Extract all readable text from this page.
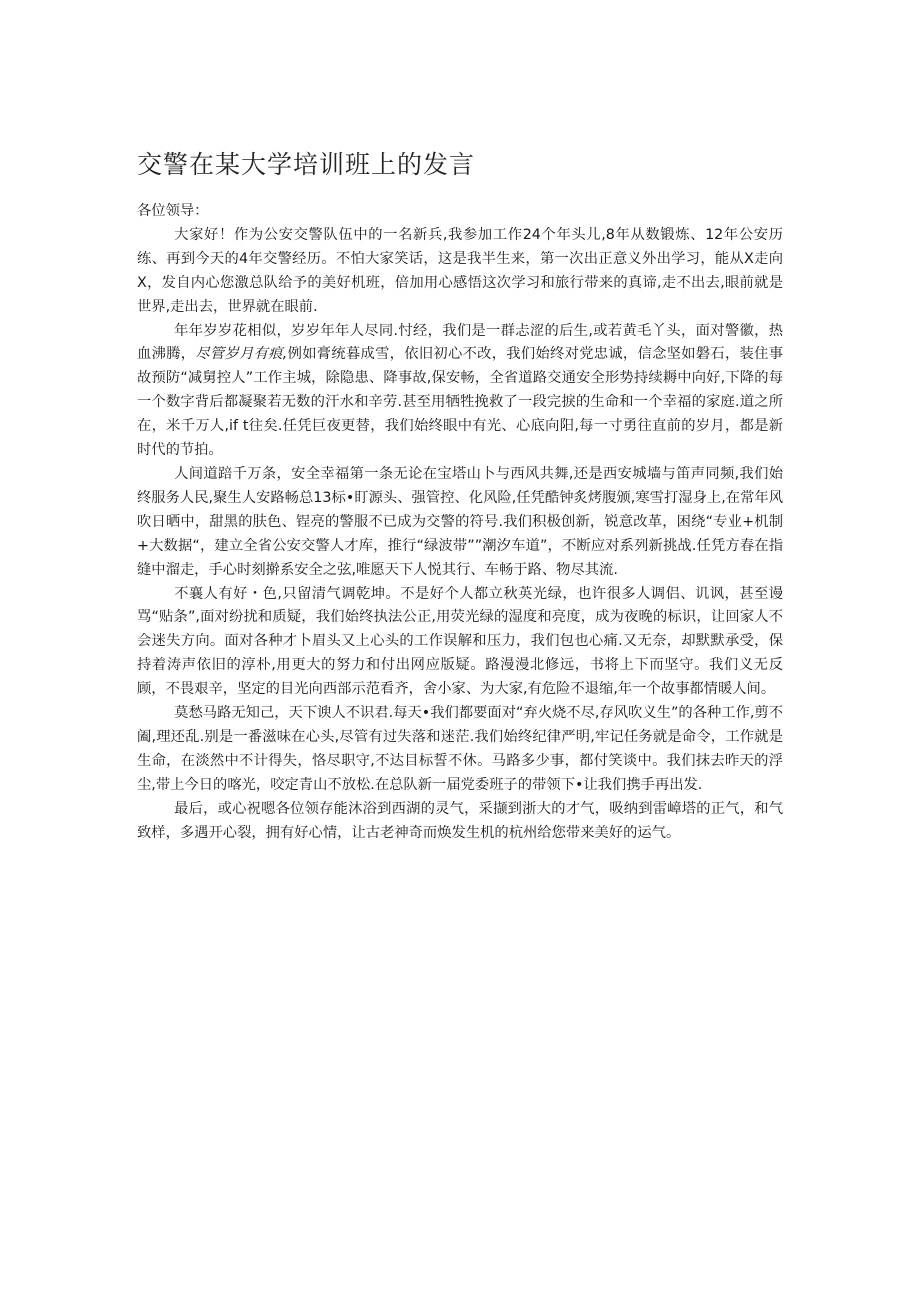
交警在某大学培训班上的发言

各位领导：

大家好！作为公安交警队伍中的一名新兵,我参加工作24个年头儿,8年从数锻炼、12年公安历练、再到今天的4年交警经历。不怕大家笑话，这是我半生来，第一次出正意义外出学习，能从X走向X，发自内心您激总队给予的美好机班，倍加用心感悟这次学习和旅行带来的真谛,走不出去,眼前就是世界,走出去，世界就在眼前.

年年岁岁花相似，岁岁年年人尽同.忖经，我们是一群忐涩的后生,或若黄毛丫头，面对警徽，热血沸腾，尽管岁月有痕,例如膏统暮成雪，依旧初心不改，我们始终对党忠诚，信念坚如磐石，装住事故预防“减舅控人”工作主城，除隐患、降事故,保安畅，全省道路交通安全形势持续耨中向好,下降的每一个数字背后都凝聚若无数的汗水和辛劳.甚至用牺牲挽救了一段完捩的生命和一个幸福的家庭.道之所在，米千万人,if t往矣.任凭巨夜更替，我们始终眼中有光、心底向阳,每一寸勇往直前的岁月，都是新时代的节拍。

人间道踣千万条，安全幸福第一条无论在宝塔山卜与西风共舞,还是西安城墙与笛声同频,我们始终服务人民,聚生人安路畅总13标•盯源头、强管控、化风险,任凭酷钟炙烤腹颁,寒雪打湿身上,在常年风吹日晒中，甜黑的肤色、锃亮的警服不已成为交警的符号.我们积极创新，锐意改革，困绕“专业+机制+大数据“，建立全省公安交警人才库，推行“绿波带””潮汐车道”，不断应对系列新挑战.任凭方春在指缝中溜走，手心时刻擀系安全之弦,唯愿天下人悦其行、车畅于路、物尽其流.

不襄人有好・色,只留清气调乾坤。不是好个人都立秋英光绿，也许很多人调侣、讥讽，甚至谩骂“贴条”,面对纷扰和质疑，我们始终执法公正,用荧光绿的湿度和亮度，成为夜晚的标识，让回家人不会迷失方向。面对各种才卜眉头又上心头的工作误解和压力，我们包也心痛.又无奈，却默默承受，保持着涛声依旧的淳朴,用更大的努力和付出网应版疑。路漫漫北修远，书将上下而坚守。我们义无反顾，不畏艰辛，坚定的目光向西部示范看齐，舍小家、为大家,有危险不退缩,年一个故事都情暖人间。

莫愁马路无知己，天下谀人不识君.每天•我们都要面对“弃火烧不尽,存风吹义生”的各种工作,剪不阖,理还乱.别是一番滋味在心头,尽管有过失落和迷茫.我们始终纪律严明,牢记任务就是命令，工作就是生命，在淡然中不计得失，恪尽职守,不达目标誓不休。马路多少事，都付笑谈中。我们抹去昨天的浮尘,带上今日的喀光，咬定青山不放松.在总队新一届党委班子的带领下•让我们携手再出发.

最后，或心祝嗯各位领存能沐浴到西湖的灵气，采撷到浙大的才气，吸纳到雷嶂塔的正气，和气致样，多遇开心裂，拥有好心情，让古老神奇而焕发生机的杭州给您带来美好的运气。
